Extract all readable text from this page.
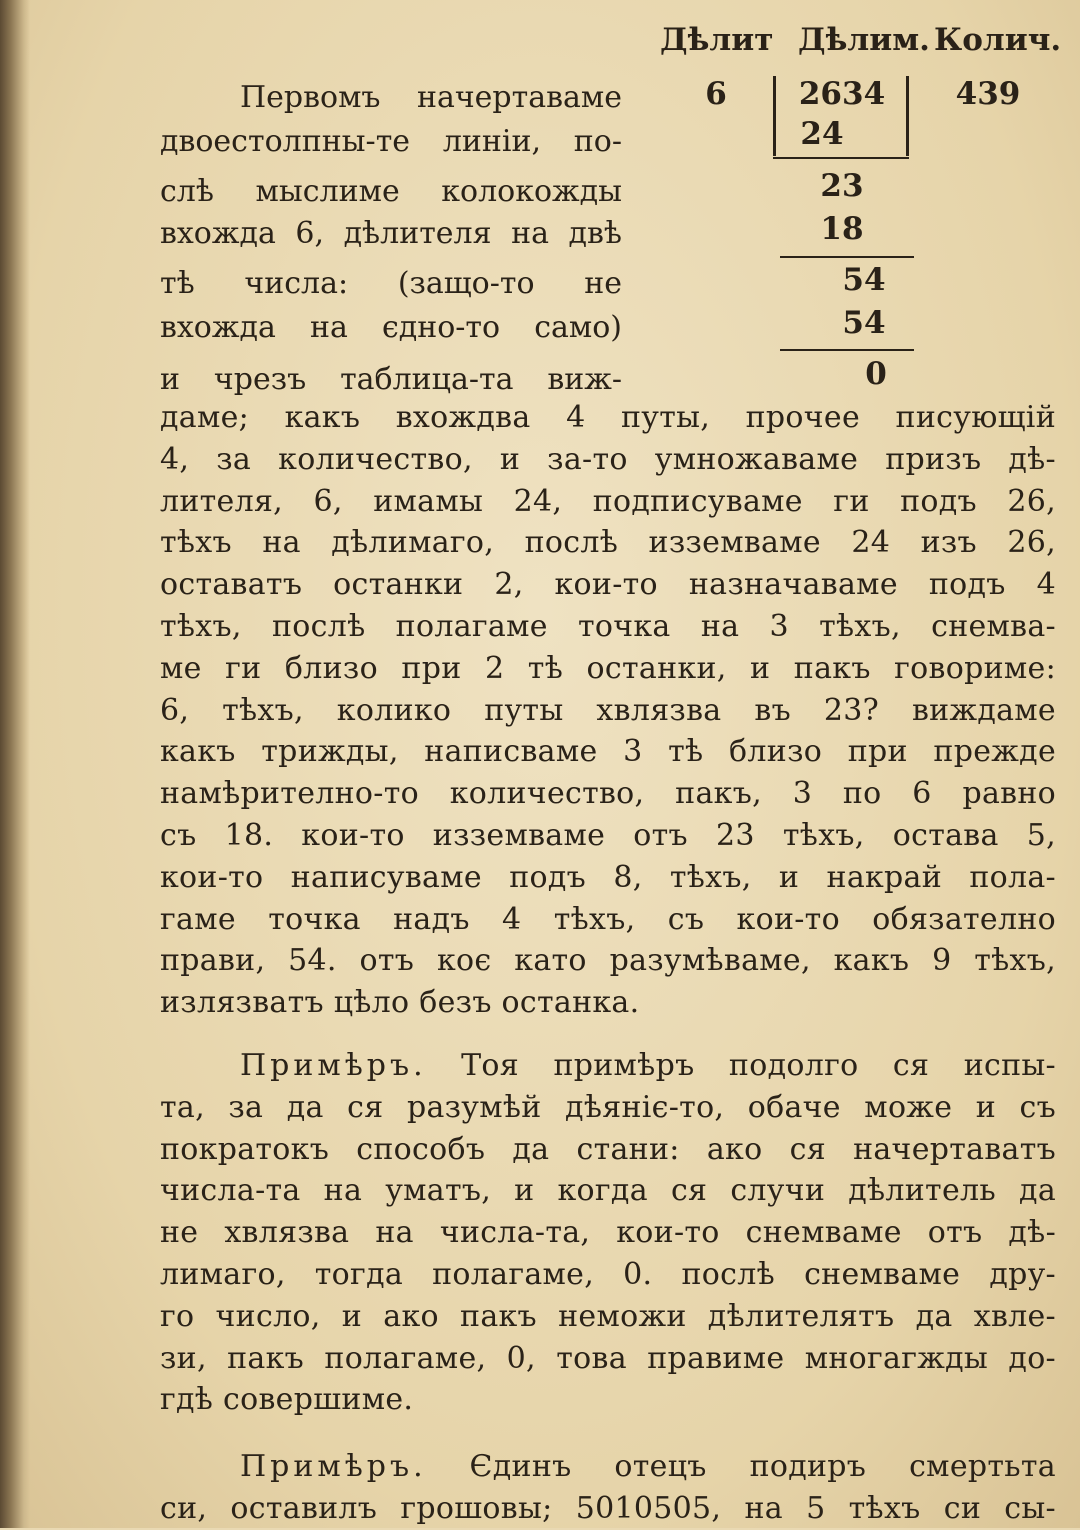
Дѣлит Дѣлим. Колич.
6	2634	439
24
23
18
54
54
0
Первомъ начертаваме
двоестолпны-те линіи, по-
слѣ мыслиме колокожды
вхожда 6, дѣлителя на двѣ
тѣ числа: (защо-то не
вхожда на єдно-то само)
и чрезъ таблица-та виж-
даме; какъ вхождва 4 путы, прочее писующій
4, за количество, и за-то умножаваме призъ дѣ-
лителя, 6, имамы 24, подписуваме ги подъ 26,
тѣхъ на дѣлимаго, послѣ изземваме 24 изъ 26,
оставатъ останки 2, кои-то назначаваме подъ 4
тѣхъ, послѣ полагаме точка на 3 тѣхъ, снемва-
ме ги близо при 2 тѣ останки, и пакъ говориме:
6, тѣхъ, колико путы хвлязва въ 23? виждаме
какъ трижды, написваме 3 тѣ близо при прежде
намѣрително-то количество, пакъ, 3 по 6 равно
съ 18. кои-то изземваме отъ 23 тѣхъ, остава 5,
кои-то написуваме подъ 8, тѣхъ, и накрай пола-
гаме точка надъ 4 тѣхъ, съ кои-то обязателно
прави, 54. отъ коє като разумѣваме, какъ 9 тѣхъ,
излязватъ цѣло безъ останка.
Примѣръ. Тоя примѣръ подолго ся испы-
та, за да ся разумѣй дѣяніє-то, обаче може и съ
пократокъ способъ да стани: ако ся начертаватъ
числа-та на уматъ, и когда ся случи дѣлитель да
не хвлязва на числа-та, кои-то снемваме отъ дѣ-
лимаго, тогда полагаме, 0. послѣ снемваме дру-
го число, и ако пакъ неможи дѣлителятъ да хвле-
зи, пакъ полагаме, 0, това правиме многагжды до-
гдѣ совершиме.
Примѣръ. Єдинъ отецъ подиръ смертьта
си, оставилъ грошовы; 5010505, на 5 тѣхъ си сы-
